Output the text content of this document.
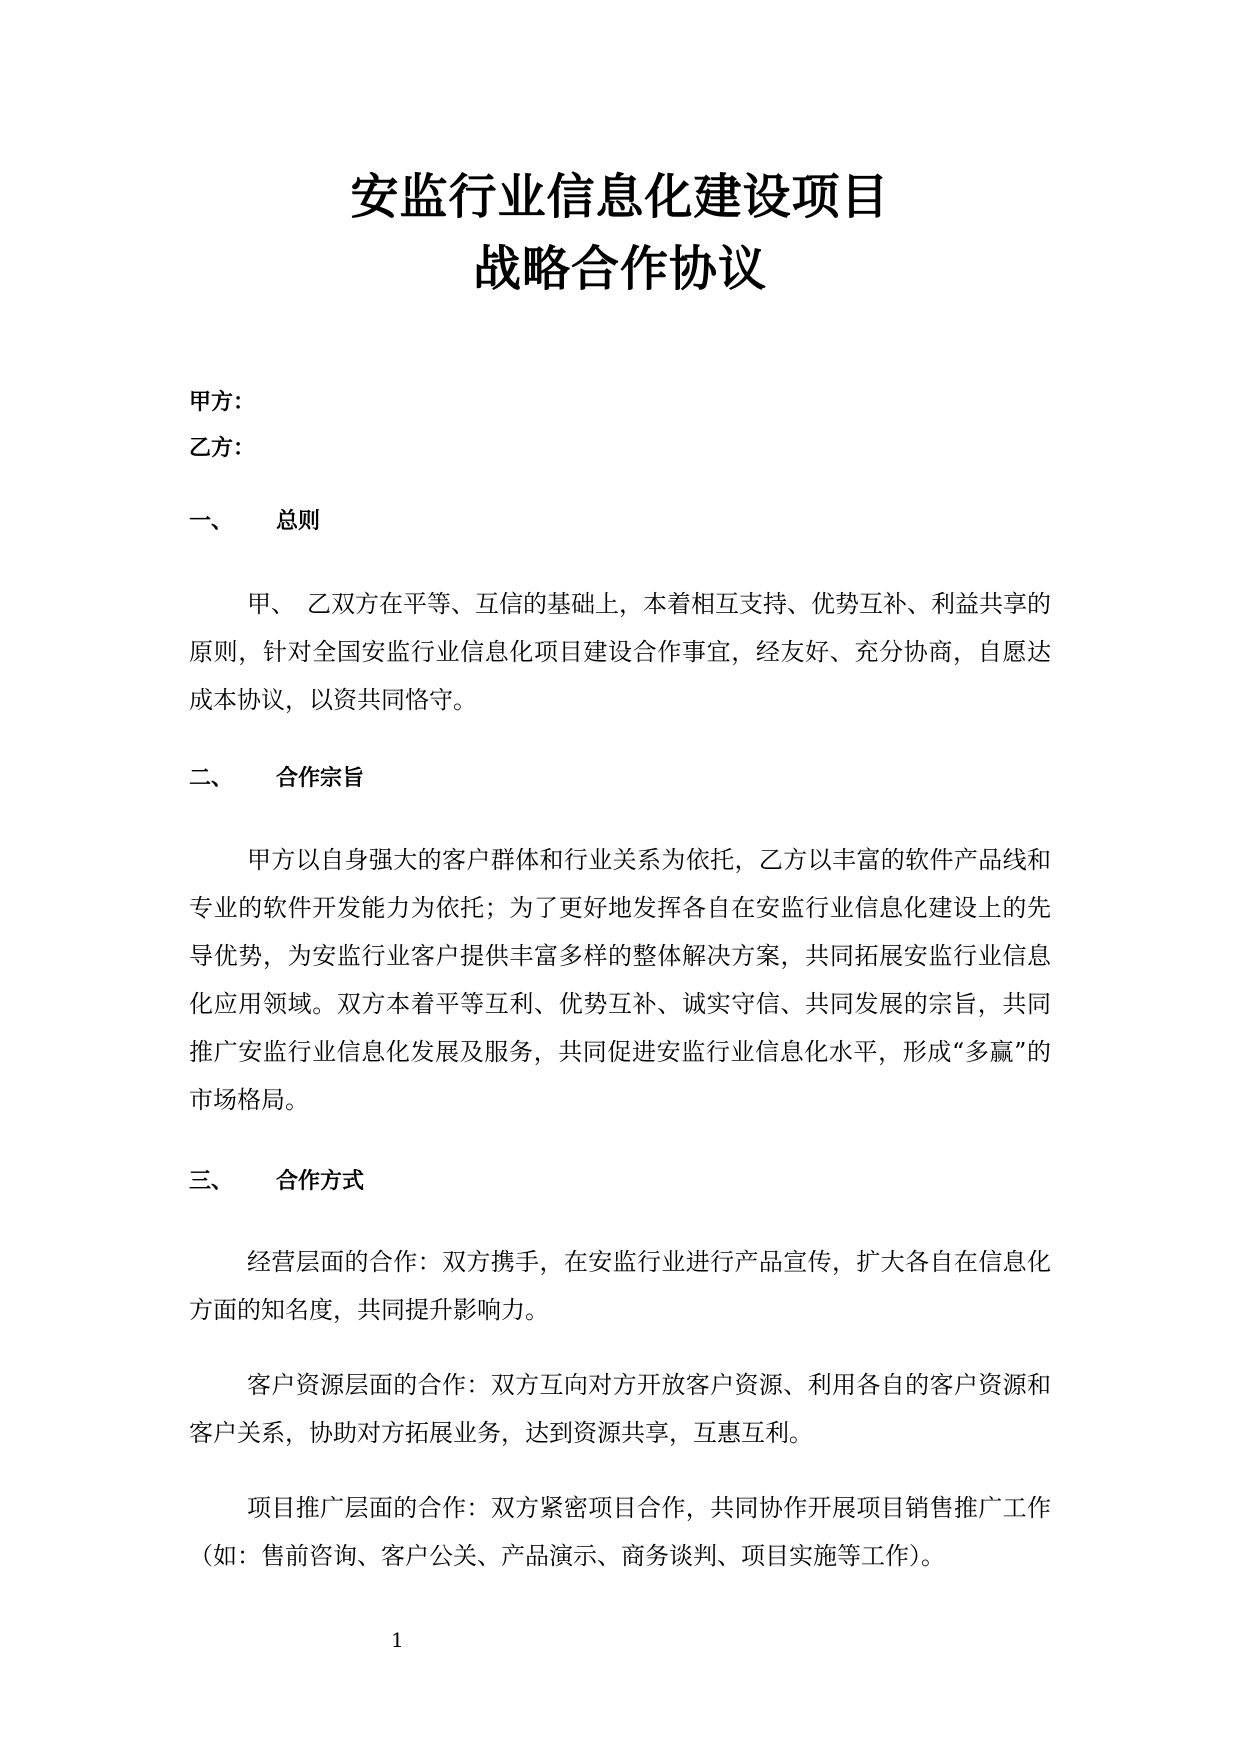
安监行业信息化建设项目
战略合作协议
甲方：
乙方：
一、 总则
甲、　乙双方在平等、互信的基础上，本着相互支持、优势互补、利益共享的原则，针对全国安监行业信息化项目建设合作事宜，经友好、充分协商，自愿达成本协议，以资共同恪守。
二、 合作宗旨
甲方以自身强大的客户群体和行业关系为依托，乙方以丰富的软件产品线和专业的软件开发能力为依托；为了更好地发挥各自在安监行业信息化建设上的先导优势，为安监行业客户提供丰富多样的整体解决方案，共同拓展安监行业信息化应用领域。双方本着平等互利、优势互补、诚实守信、共同发展的宗旨，共同推广安监行业信息化发展及服务，共同促进安监行业信息化水平，形成“多赢”的市场格局。
三、 合作方式
经营层面的合作：双方携手，在安监行业进行产品宣传，扩大各自在信息化方面的知名度，共同提升影响力。
客户资源层面的合作：双方互向对方开放客户资源、利用各自的客户资源和客户关系，协助对方拓展业务，达到资源共享，互惠互利。
项目推广层面的合作：双方紧密项目合作，共同协作开展项目销售推广工作（如：售前咨询、客户公关、产品演示、商务谈判、项目实施等工作）。
1
